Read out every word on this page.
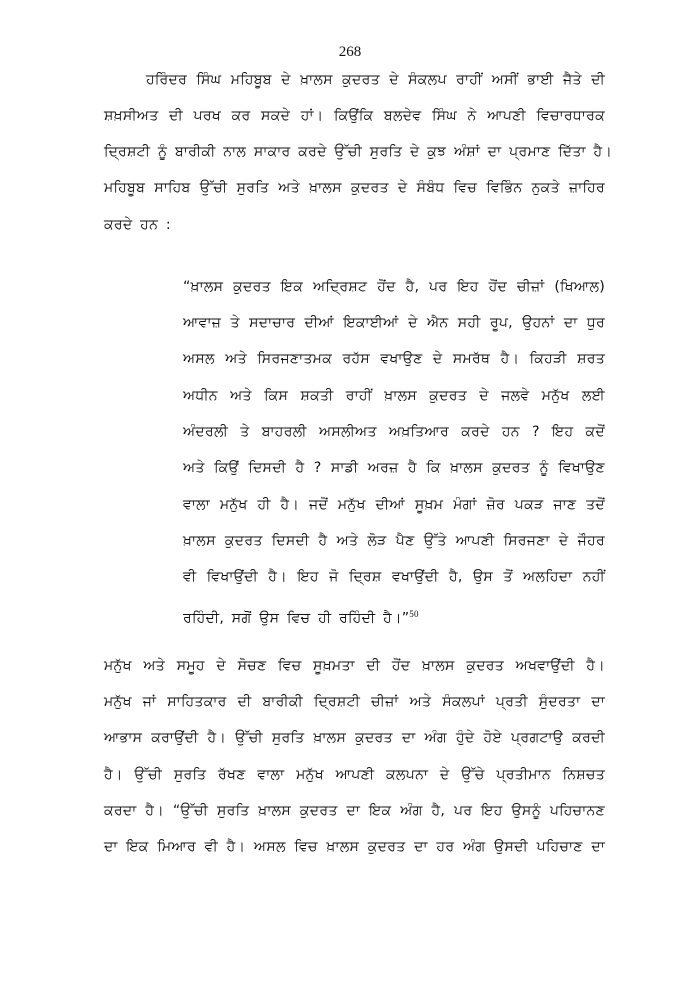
268
ਹਰਿੰਦਰ ਸਿੰਘ ਮਹਿਬੂਬ ਦੇ ਖ਼ਾਲਸ ਕੁਦਰਤ ਦੇ ਸੰਕਲਪ ਰਾਹੀਂ ਅਸੀਂ ਭਾਈ ਜੈਤੇ ਦੀ
ਸ਼ਖ਼ਸੀਅਤ ਦੀ ਪਰਖ ਕਰ ਸਕਦੇ ਹਾਂ। ਕਿਉਂਕਿ ਬਲਦੇਵ ਸਿੰਘ ਨੇ ਆਪਣੀ ਵਿਚਾਰਧਾਰਕ
ਦ੍ਰਿਸ਼ਟੀ ਨੂੰ ਬਾਰੀਕੀ ਨਾਲ ਸਾਕਾਰ ਕਰਦੇ ਉੱਚੀ ਸੁਰਤਿ ਦੇ ਕੁਝ ਅੰਸ਼ਾਂ ਦਾ ਪ੍ਰਮਾਣ ਦਿੱਤਾ ਹੈ।
ਮਹਿਬੂਬ ਸਾਹਿਬ ਉੱਚੀ ਸੁਰਤਿ ਅਤੇ ਖ਼ਾਲਸ ਕੁਦਰਤ ਦੇ ਸੰਬੰਧ ਵਿਚ ਵਿਭਿੰਨ ਨੁਕਤੇ ਜ਼ਾਹਿਰ
ਕਰਦੇ ਹਨ :
“ਖ਼ਾਲਸ ਕੁਦਰਤ ਇਕ ਅਦ੍ਰਿਸ਼ਟ ਹੋਂਦ ਹੈ, ਪਰ ਇਹ ਹੋਂਦ ਚੀਜ਼ਾਂ (ਖਿਆਲ)
ਆਵਾਜ਼ ਤੇ ਸਦਾਚਾਰ ਦੀਆਂ ਇਕਾਈਆਂ ਦੇ ਐਨ ਸਹੀ ਰੂਪ, ਉਹਨਾਂ ਦਾ ਧੁਰ
ਅਸਲ ਅਤੇ ਸਿਰਜਣਾਤਮਕ ਰਹੱਸ ਵਖਾਉਣ ਦੇ ਸਮਰੱਥ ਹੈ। ਕਿਹੜੀ ਸ਼ਰਤ
ਅਧੀਨ ਅਤੇ ਕਿਸ ਸ਼ਕਤੀ ਰਾਹੀਂ ਖ਼ਾਲਸ ਕੁਦਰਤ ਦੇ ਜਲਵੇ ਮਨੁੱਖ ਲਈ
ਅੰਦਰਲੀ ਤੇ ਬਾਹਰਲੀ ਅਸਲੀਅਤ ਅਖ਼ਤਿਆਰ ਕਰਦੇ ਹਨ ? ਇਹ ਕਦੋਂ
ਅਤੇ ਕਿਉਂ ਦਿਸਦੀ ਹੈ ? ਸਾਡੀ ਅਰਜ਼ ਹੈ ਕਿ ਖ਼ਾਲਸ ਕੁਦਰਤ ਨੂੰ ਵਿਖਾਉਣ
ਵਾਲਾ ਮਨੁੱਖ ਹੀ ਹੈ। ਜਦੋਂ ਮਨੁੱਖ ਦੀਆਂ ਸੂਖ਼ਮ ਮੰਗਾਂ ਜ਼ੋਰ ਪਕੜ ਜਾਣ ਤਦੋਂ
ਖ਼ਾਲਸ ਕੁਦਰਤ ਦਿਸਦੀ ਹੈ ਅਤੇ ਲੋੜ ਪੈਣ ਉੱਤੇ ਆਪਣੀ ਸਿਰਜਣਾ ਦੇ ਜੌਹਰ
ਵੀ ਵਿਖਾਉਂਦੀ ਹੈ। ਇਹ ਜੋ ਦ੍ਰਿਸ਼ ਵਖਾਉਂਦੀ ਹੈ, ਉਸ ਤੋਂ ਅਲਹਿਦਾ ਨਹੀਂ
ਰਹਿੰਦੀ, ਸਗੋਂ ਉਸ ਵਿਚ ਹੀ ਰਹਿੰਦੀ ਹੈ।”$^{50}$
ਮਨੁੱਖ ਅਤੇ ਸਮੂਹ ਦੇ ਸੋਚਣ ਵਿਚ ਸੂਖ਼ਮਤਾ ਦੀ ਹੋਂਦ ਖ਼ਾਲਸ ਕੁਦਰਤ ਅਖਵਾਉਂਦੀ ਹੈ।
ਮਨੁੱਖ ਜਾਂ ਸਾਹਿਤਕਾਰ ਦੀ ਬਾਰੀਕੀ ਦ੍ਰਿਸ਼ਟੀ ਚੀਜ਼ਾਂ ਅਤੇ ਸੰਕਲਪਾਂ ਪ੍ਰਤੀ ਸੁੰਦਰਤਾ ਦਾ
ਆਭਾਸ ਕਰਾਉਂਦੀ ਹੈ। ਉੱਚੀ ਸੁਰਤਿ ਖ਼ਾਲਸ ਕੁਦਰਤ ਦਾ ਅੰਗ ਹੁੰਦੇ ਹੋਏ ਪ੍ਰਗਟਾਉ ਕਰਦੀ
ਹੈ। ਉੱਚੀ ਸੁਰਤਿ ਰੱਖਣ ਵਾਲਾ ਮਨੁੱਖ ਆਪਣੀ ਕਲਪਨਾ ਦੇ ਉੱਚੇ ਪ੍ਰਤੀਮਾਨ ਨਿਸ਼ਚਤ
ਕਰਦਾ ਹੈ। “ਉੱਚੀ ਸੁਰਤਿ ਖ਼ਾਲਸ ਕੁਦਰਤ ਦਾ ਇਕ ਅੰਗ ਹੈ, ਪਰ ਇਹ ਉਸਨੂੰ ਪਹਿਚਾਨਣ
ਦਾ ਇਕ ਮਿਆਰ ਵੀ ਹੈ। ਅਸਲ ਵਿਚ ਖ਼ਾਲਸ ਕੁਦਰਤ ਦਾ ਹਰ ਅੰਗ ਉਸਦੀ ਪਹਿਚਾਣ ਦਾ
